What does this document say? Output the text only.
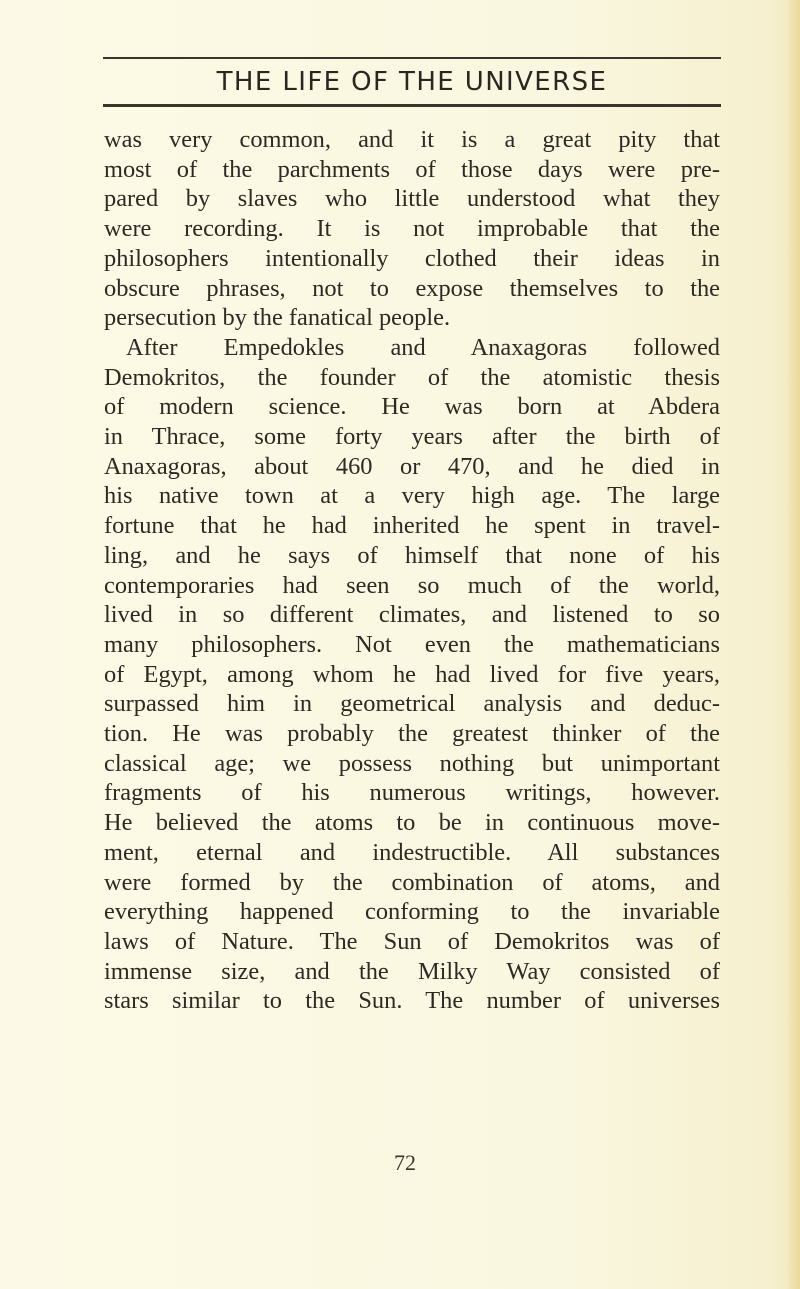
THE LIFE OF THE UNIVERSE
was very common, and it is a great pity that
most of the parchments of those days were pre-
pared by slaves who little understood what they
were recording. It is not improbable that the
philosophers intentionally clothed their ideas in
obscure phrases, not to expose themselves to the
persecution by the fanatical people.
After Empedokles and Anaxagoras followed
Demokritos, the founder of the atomistic thesis
of modern science. He was born at Abdera
in Thrace, some forty years after the birth of
Anaxagoras, about 460 or 470, and he died in
his native town at a very high age. The large
fortune that he had inherited he spent in travel-
ling, and he says of himself that none of his
contemporaries had seen so much of the world,
lived in so different climates, and listened to so
many philosophers. Not even the mathematicians
of Egypt, among whom he had lived for five years,
surpassed him in geometrical analysis and deduc-
tion. He was probably the greatest thinker of the
classical age; we possess nothing but unimportant
fragments of his numerous writings, however.
He believed the atoms to be in continuous move-
ment, eternal and indestructible. All substances
were formed by the combination of atoms, and
everything happened conforming to the invariable
laws of Nature. The Sun of Demokritos was of
immense size, and the Milky Way consisted of
stars similar to the Sun. The number of universes
72
